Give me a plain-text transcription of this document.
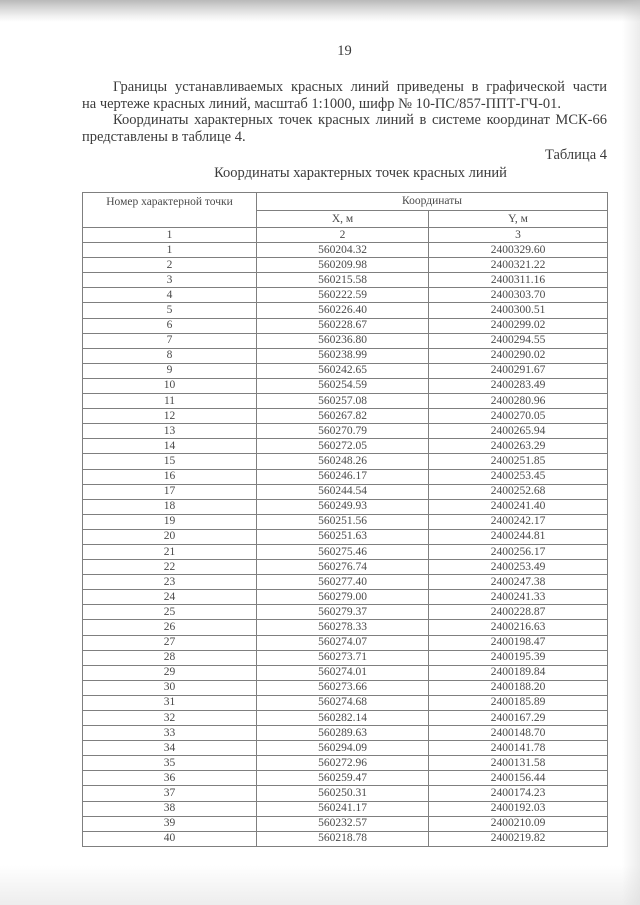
19
Границы устанавливаемых красных линий приведены в графической части
на чертеже красных линий, масштаб 1:1000, шифр № 10-ПС/857-ППТ-ГЧ-01.
Координаты характерных точек красных линий в системе координат МСК-66
представлены в таблице 4.
Таблица 4
Координаты характерных точек красных линий
Номер характерной точки	Координаты	
	X, м	Y, м
1	2	3
1	560204.32	2400329.60
2	560209.98	2400321.22
3	560215.58	2400311.16
4	560222.59	2400303.70
5	560226.40	2400300.51
6	560228.67	2400299.02
7	560236.80	2400294.55
8	560238.99	2400290.02
9	560242.65	2400291.67
10	560254.59	2400283.49
11	560257.08	2400280.96
12	560267.82	2400270.05
13	560270.79	2400265.94
14	560272.05	2400263.29
15	560248.26	2400251.85
16	560246.17	2400253.45
17	560244.54	2400252.68
18	560249.93	2400241.40
19	560251.56	2400242.17
20	560251.63	2400244.81
21	560275.46	2400256.17
22	560276.74	2400253.49
23	560277.40	2400247.38
24	560279.00	2400241.33
25	560279.37	2400228.87
26	560278.33	2400216.63
27	560274.07	2400198.47
28	560273.71	2400195.39
29	560274.01	2400189.84
30	560273.66	2400188.20
31	560274.68	2400185.89
32	560282.14	2400167.29
33	560289.63	2400148.70
34	560294.09	2400141.78
35	560272.96	2400131.58
36	560259.47	2400156.44
37	560250.31	2400174.23
38	560241.17	2400192.03
39	560232.57	2400210.09
40	560218.78	2400219.82
